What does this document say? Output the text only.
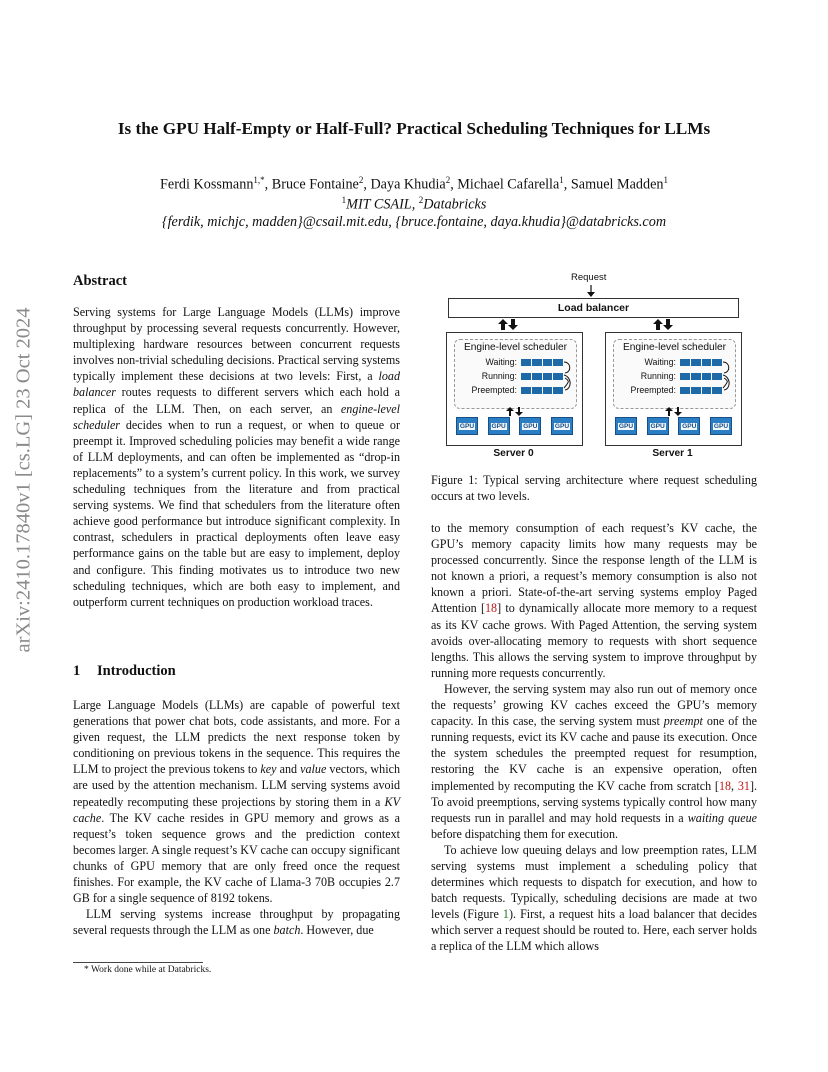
arXiv:2410.17840v1 [cs.LG] 23 Oct 2024
Is the GPU Half-Empty or Half-Full? Practical Scheduling Techniques for LLMs
Ferdi Kossmann$^{1,*}$, Bruce Fontaine$^2$, Daya Khudia$^2$, Michael Cafarella$^1$, Samuel Madden$^1$
$^1$MIT CSAIL, $^2$Databricks
{ferdik, michjc, madden}@csail.mit.edu, {bruce.fontaine, daya.khudia}@databricks.com
Abstract

Serving systems for Large Language Models (LLMs) improve throughput by processing several requests concurrently. However, multiplexing hardware resources between concurrent requests involves non-trivial scheduling decisions. Practical serving systems typically implement these decisions at two levels: First, a load balancer routes requests to different servers which each hold a replica of the LLM. Then, on each server, an engine-level scheduler decides when to run a request, or when to queue or preempt it. Improved scheduling policies may benefit a wide range of LLM deployments, and can often be implemented as “drop-in replacements” to a system’s current policy. In this work, we survey scheduling techniques from the literature and from practical serving systems. We find that schedulers from the literature often achieve good performance but introduce significant complexity. In contrast, schedulers in practical deployments often leave easy performance gains on the table but are easy to implement, deploy and configure. This finding motivates us to introduce two new scheduling techniques, which are both easy to implement, and outperform current techniques on production workload traces.

1 Introduction

Large Language Models (LLMs) are capable of powerful text generations that power chat bots, code assistants, and more. For a given request, the LLM predicts the next response token by conditioning on previous tokens in the sequence. This requires the LLM to project the previous tokens to key and value vectors, which are used by the attention mechanism. LLM serving systems avoid repeatedly recomputing these projections by storing them in a KV cache. The KV cache resides in GPU memory and grows as a request’s token sequence grows and the prediction context becomes larger. A single request’s KV cache can occupy significant chunks of GPU memory that are only freed once the request finishes. For example, the KV cache of Llama-3 70B occupies 2.7 GB for a single sequence of 8192 tokens.

LLM serving systems increase throughput by propagating several requests through the LLM as one batch. However, due

* Work done while at Databricks.
Request
Load balancer
Engine-level scheduler
Waiting:
Running:
Preempted:
GPU	GPU	GPU	GPU
Server 0
Engine-level scheduler
Waiting:
Running:
Preempted:
GPU	GPU	GPU	GPU
Server 1
Figure 1: Typical serving architecture where request scheduling occurs at two levels.

to the memory consumption of each request’s KV cache, the GPU’s memory capacity limits how many requests may be processed concurrently. Since the response length of the LLM is not known a priori, a request’s memory consumption is also not known a priori. State-of-the-art serving systems employ Paged Attention [18] to dynamically allocate more memory to a request as its KV cache grows. With Paged Attention, the serving system avoids over-allocating memory to requests with short sequence lengths. This allows the serving system to improve throughput by running more requests concurrently.

However, the serving system may also run out of memory once the requests’ growing KV caches exceed the GPU’s memory capacity. In this case, the serving system must preempt one of the running requests, evict its KV cache and pause its execution. Once the system schedules the preempted request for resumption, restoring the KV cache is an expensive operation, often implemented by recomputing the KV cache from scratch [18, 31]. To avoid preemptions, serving systems typically control how many requests run in parallel and may hold requests in a waiting queue before dispatching them for execution.

To achieve low queuing delays and low preemption rates, LLM serving systems must implement a scheduling policy that determines which requests to dispatch for execution, and how to batch requests. Typically, scheduling decisions are made at two levels (Figure 1). First, a request hits a load balancer that decides which server a request should be routed to. Here, each server holds a replica of the LLM which allows
